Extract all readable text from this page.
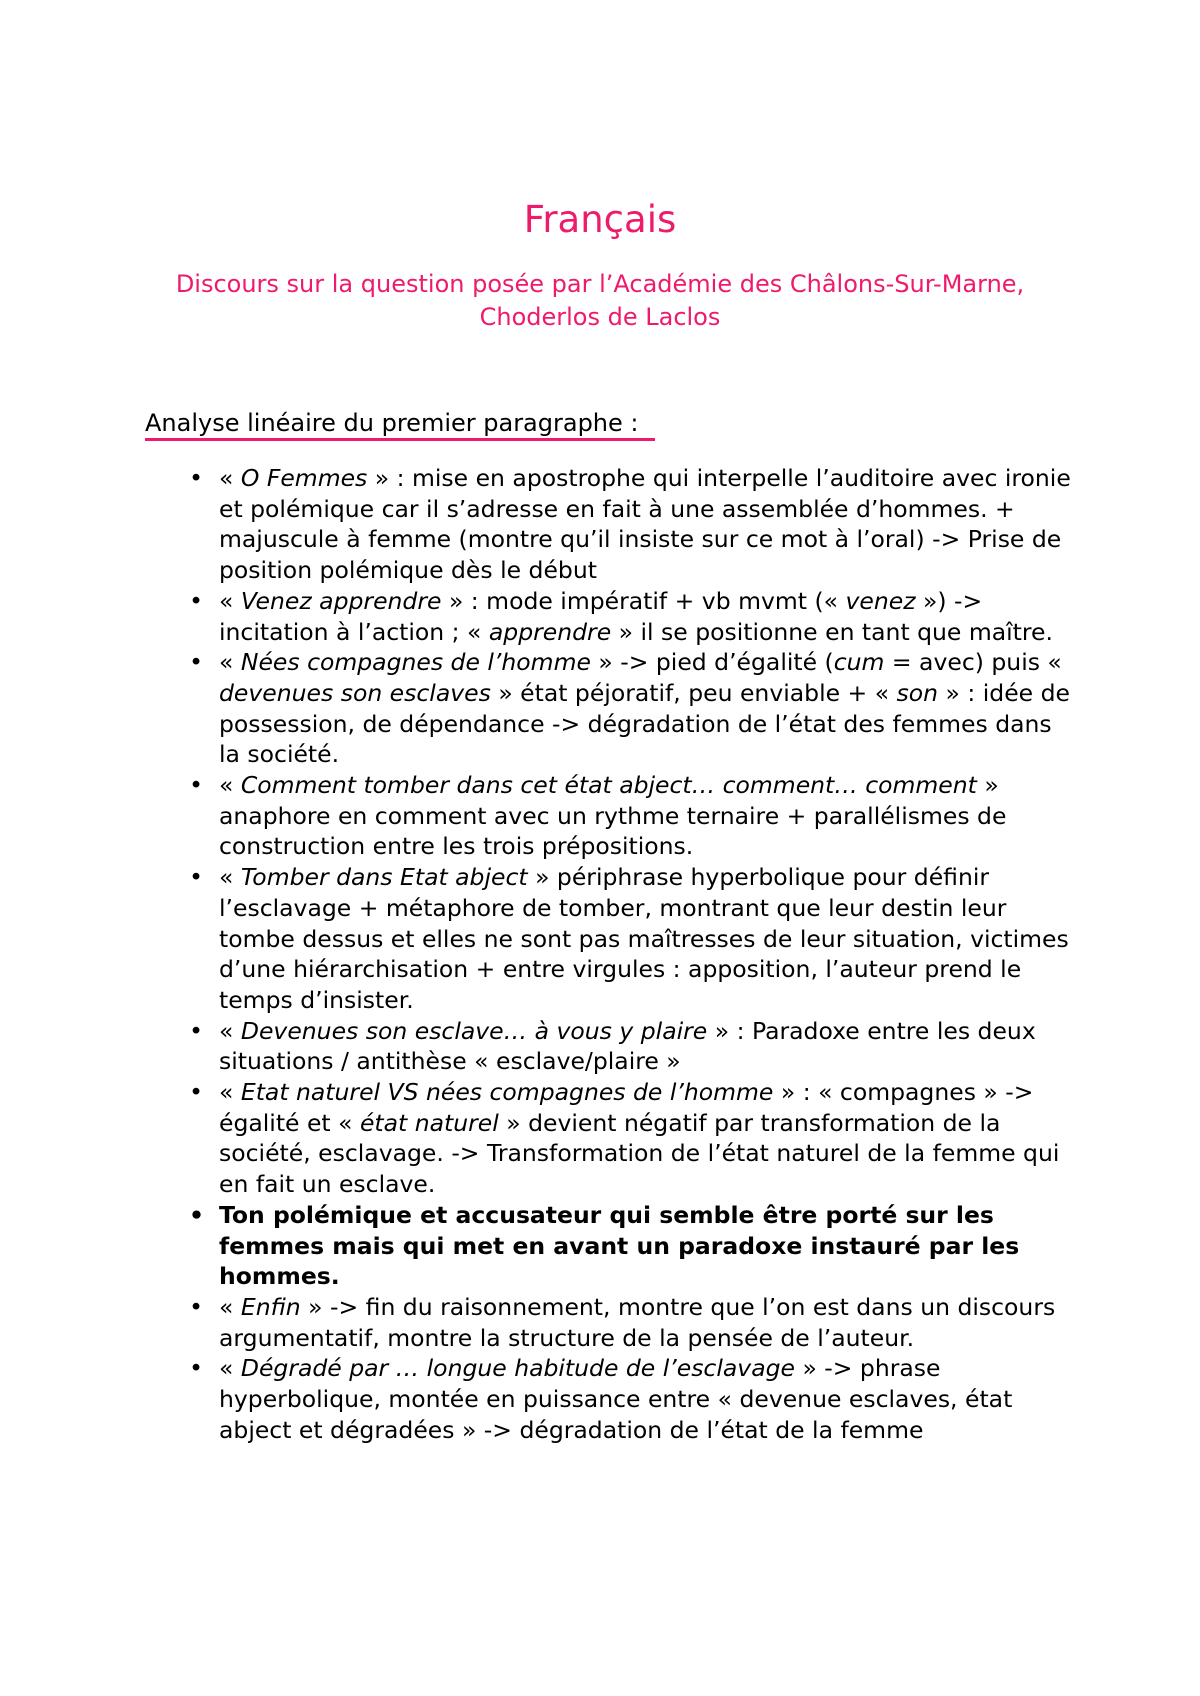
Français
Discours sur la question posée par l’Académie des Châlons-Sur-Marne, Choderlos de Laclos
Analyse linéaire du premier paragraphe :
• « O Femmes » : mise en apostrophe qui interpelle l’auditoire avec ironie et polémique car il s’adresse en fait à une assemblée d’hommes. + majuscule à femme (montre qu’il insiste sur ce mot à l’oral) -> Prise de position polémique dès le début
• « Venez apprendre » : mode impératif + vb mvmt (« venez ») -> incitation à l’action ; « apprendre » il se positionne en tant que maître.
• « Nées compagnes de l’homme » -> pied d’égalité (cum = avec) puis « devenues son esclaves » état péjoratif, peu enviable + « son » : idée de possession, de dépendance -> dégradation de l’état des femmes dans la société.
• « Comment tomber dans cet état abject… comment… comment » anaphore en comment avec un rythme ternaire + parallélismes de construction entre les trois prépositions.
• « Tomber dans Etat abject » périphrase hyperbolique pour définir l’esclavage + métaphore de tomber, montrant que leur destin leur tombe dessus et elles ne sont pas maîtresses de leur situation, victimes d’une hiérarchisation + entre virgules : apposition, l’auteur prend le temps d’insister.
• « Devenues son esclave… à vous y plaire » : Paradoxe entre les deux situations / antithèse « esclave/plaire »
• « Etat naturel VS nées compagnes de l’homme » : « compagnes » -> égalité et « état naturel » devient négatif par transformation de la société, esclavage. -> Transformation de l’état naturel de la femme qui en fait un esclave.
• Ton polémique et accusateur qui semble être porté sur les femmes mais qui met en avant un paradoxe instauré par les hommes.
• « Enfin » -> fin du raisonnement, montre que l’on est dans un discours argumentatif, montre la structure de la pensée de l’auteur.
• « Dégradé par … longue habitude de l’esclavage » -> phrase hyperbolique, montée en puissance entre « devenue esclaves, état abject et dégradées » -> dégradation de l’état de la femme
